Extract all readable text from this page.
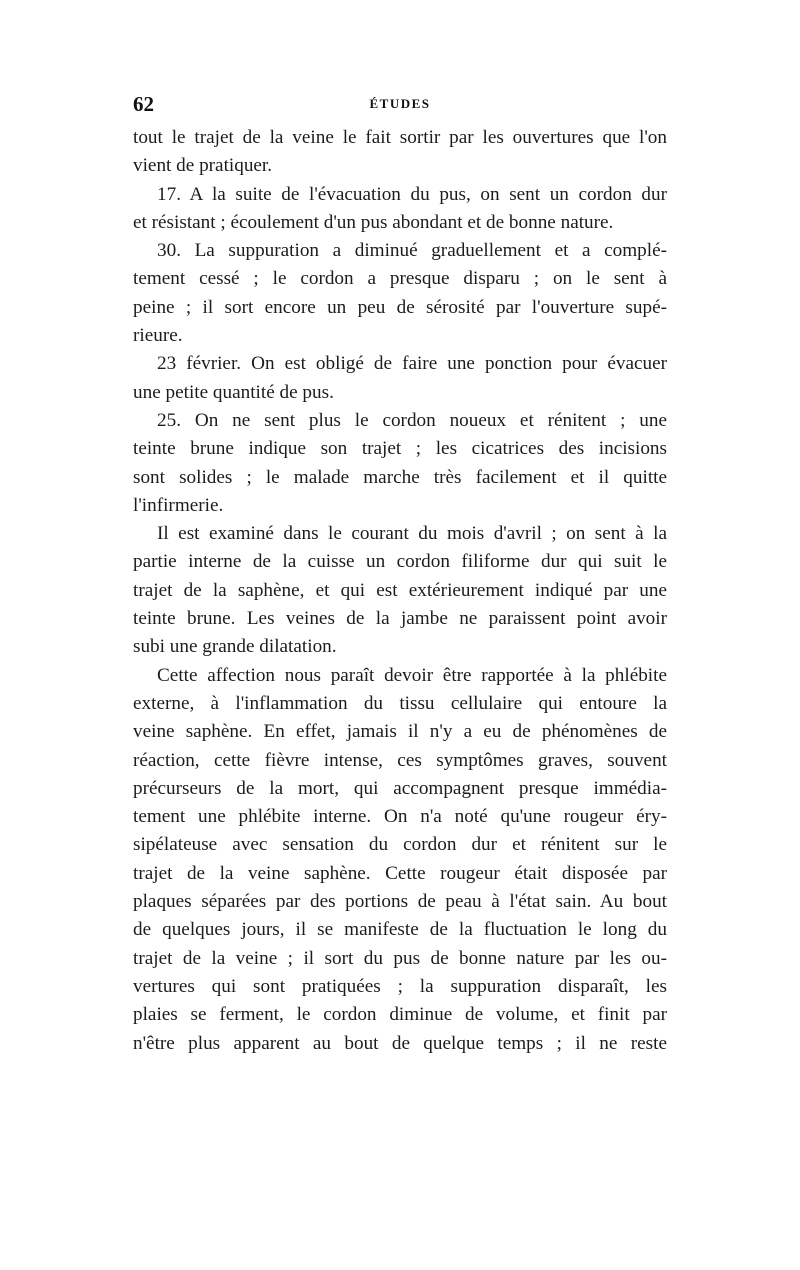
62	ÉTUDES

tout le trajet de la veine le fait sortir par les ouvertures que l'on
vient de pratiquer.

17. A la suite de l'évacuation du pus, on sent un cordon dur
et résistant ; écoulement d'un pus abondant et de bonne nature.

30. La suppuration a diminué graduellement et a complé-
tement cessé ; le cordon a presque disparu ; on le sent à
peine ; il sort encore un peu de sérosité par l'ouverture supé-
rieure.

23 février. On est obligé de faire une ponction pour évacuer
une petite quantité de pus.

25. On ne sent plus le cordon noueux et rénitent ; une
teinte brune indique son trajet ; les cicatrices des incisions
sont solides ; le malade marche très facilement et il quitte
l'infirmerie.

Il est examiné dans le courant du mois d'avril ; on sent à la
partie interne de la cuisse un cordon filiforme dur qui suit le
trajet de la saphène, et qui est extérieurement indiqué par une
teinte brune. Les veines de la jambe ne paraissent point avoir
subi une grande dilatation.

Cette affection nous paraît devoir être rapportée à la phlébite
externe, à l'inflammation du tissu cellulaire qui entoure la
veine saphène. En effet, jamais il n'y a eu de phénomènes de
réaction, cette fièvre intense, ces symptômes graves, souvent
précurseurs de la mort, qui accompagnent presque immédia-
tement une phlébite interne. On n'a noté qu'une rougeur éry-
sipélateuse avec sensation du cordon dur et rénitent sur le
trajet de la veine saphène. Cette rougeur était disposée par
plaques séparées par des portions de peau à l'état sain. Au bout
de quelques jours, il se manifeste de la fluctuation le long du
trajet de la veine ; il sort du pus de bonne nature par les ou-
vertures qui sont pratiquées ; la suppuration disparaît, les
plaies se ferment, le cordon diminue de volume, et finit par
n'être plus apparent au bout de quelque temps ; il ne reste
